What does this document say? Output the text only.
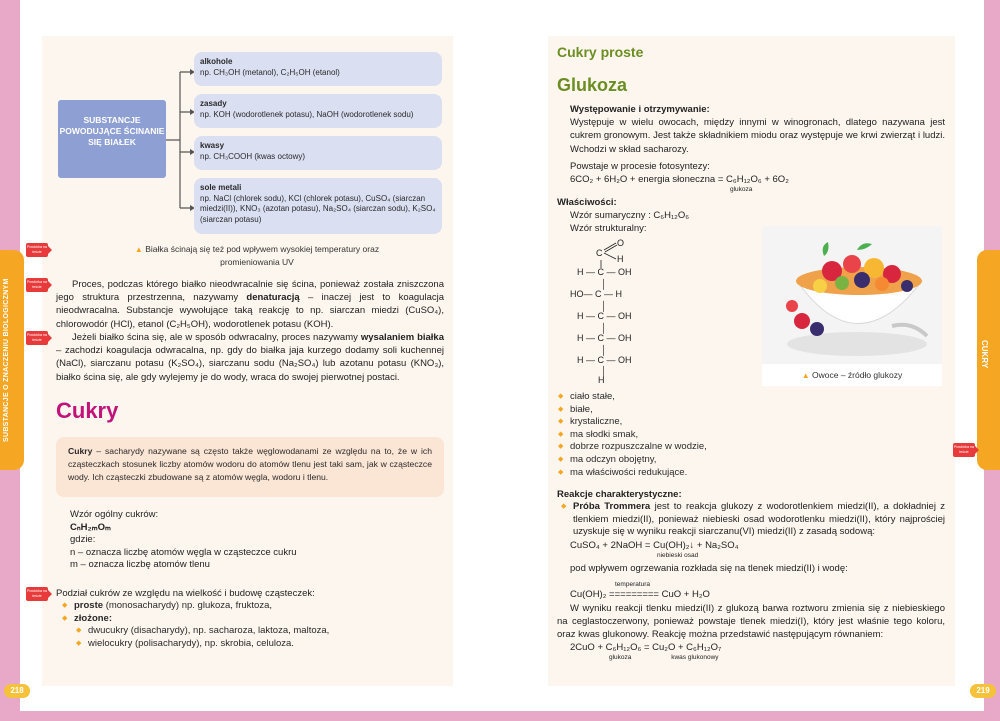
SUBSTANCJE O ZNACZENIU BIOLOGICZNYM	CUKRY
218	219
Powtórka na teście
Powtórka na teście
Powtórka na teście
Powtórka na teście
Powtórka na teście
SUBSTANCJE POWODUJĄCE ŚCINANIE SIĘ BIAŁEK
alkohole
np. CH₃OH (metanol), C₂H₅OH (etanol)
zasady
np. KOH (wodorotlenek potasu), NaOH (wodorotlenek sodu)
kwasy
np. CH₃COOH (kwas octowy)
sole metali
np. NaCl (chlorek sodu), KCl (chlorek potasu), CuSO₄ (siarczan miedzi(II)), KNO₃ (azotan potasu), Na₂SO₄ (siarczan sodu), K₂SO₄ (siarczan potasu)
▲ Białka ścinają się też pod wpływem wysokiej temperatury oraz promieniowania UV

Proces, podczas którego białko nieodwracalnie się ścina, ponieważ została zniszczona jego struktura przestrzenna, nazywamy denaturacją – inaczej jest to koagulacja nieodwracalna. Substancje wywołujące taką reakcję to np. siarczan miedzi (CuSO₄), chlorowodór (HCl), etanol (C₂H₅OH), wodorotlenek potasu (KOH).

Jeżeli białko ścina się, ale w sposób odwracalny, proces nazywamy wysalaniem białka – zachodzi koagulacja odwracalna, np. gdy do białka jaja kurzego dodamy soli kuchennej (NaCl), siarczanu potasu (K₂SO₄), siarczanu sodu (Na₂SO₄) lub azotanu potasu (KNO₃), białko ścina się, ale gdy wylejemy je do wody, wraca do swojej pierwotnej postaci.

Cukry
Cukry – sacharydy nazywane są często także węglowodanami ze względu na to, że w ich cząsteczkach stosunek liczby atomów wodoru do atomów tlenu jest taki sam, jak w cząsteczce wody. Ich cząsteczki zbudowane są z atomów węgla, wodoru i tlenu.
Wzór ogólny cukrów:
CₙH₂ₘOₘ
gdzie:
n – oznacza liczbę atomów węgla w cząsteczce cukru
m – oznacza liczbę atomów tlenu

Podział cukrów ze względu na wielkość i budowę cząsteczek:

◆ proste (monosacharydy) np. glukoza, fruktoza,
◆ złożone:
◆ dwucukry (disacharydy), np. sacharoza, laktoza, maltoza,
◆ wielocukry (polisacharydy), np. skrobia, celuloza.
Cukry proste
Glukoza
Występowanie i otrzymywanie:

Występuje w wielu owocach, między innymi w winogronach, dlatego nazywana jest cukrem gronowym. Jest także składnikiem miodu oraz występuje we krwi zwierząt i ludzi. Wchodzi w skład sacharozy.

Powstaje w procesie fotosyntezy:
6CO₂ + 6H₂O + energia słoneczna = C₆H₁₂O₆ + 6O₂
glukoza
Właściwości:
Wzór sumaryczny : C₆H₁₂O₆
Wzór strukturalny:
C
O
H
H — C — OH
│
HO— C — H
│
H — C — OH
│
H — C — OH
│
H — C — OH
│
H	▲ Owoce – źródło glukozy
◆ ciało stałe,
◆ białe,
◆ krystaliczne,
◆ ma słodki smak,
◆ dobrze rozpuszczalne w wodzie,
◆ ma odczyn obojętny,
◆ ma właściwości redukujące.
Reakcje charakterystyczne:
◆ Próba Trommera jest to reakcja glukozy z wodorotlenkiem miedzi(II), a dokładniej z tlenkiem miedzi(II), ponieważ niebieski osad wodorotlenku miedzi(II), który najprościej uzyskuje się w wyniku reakcji siarczanu(VI) miedzi(II) z zasadą sodową:
CuSO₄ + 2NaOH = Cu(OH)₂↓ + Na₂SO₄
niebieski osad
pod wpływem ogrzewania rozkłada się na tlenek miedzi(II) i wodę:
temperatura
Cu(OH)₂ ========= CuO + H₂O

W wyniku reakcji tlenku miedzi(II) z glukozą barwa roztworu zmienia się z niebieskiego na ceglastoczerwony, ponieważ powstaje tlenek miedzi(I), który jest właśnie tego koloru, oraz kwas glukonowy. Reakcję można przedstawić następującym równaniem:

2CuO + C₆H₁₂O₆ = Cu₂O + C₆H₁₂O₇
glukoza	kwas glukonowy
